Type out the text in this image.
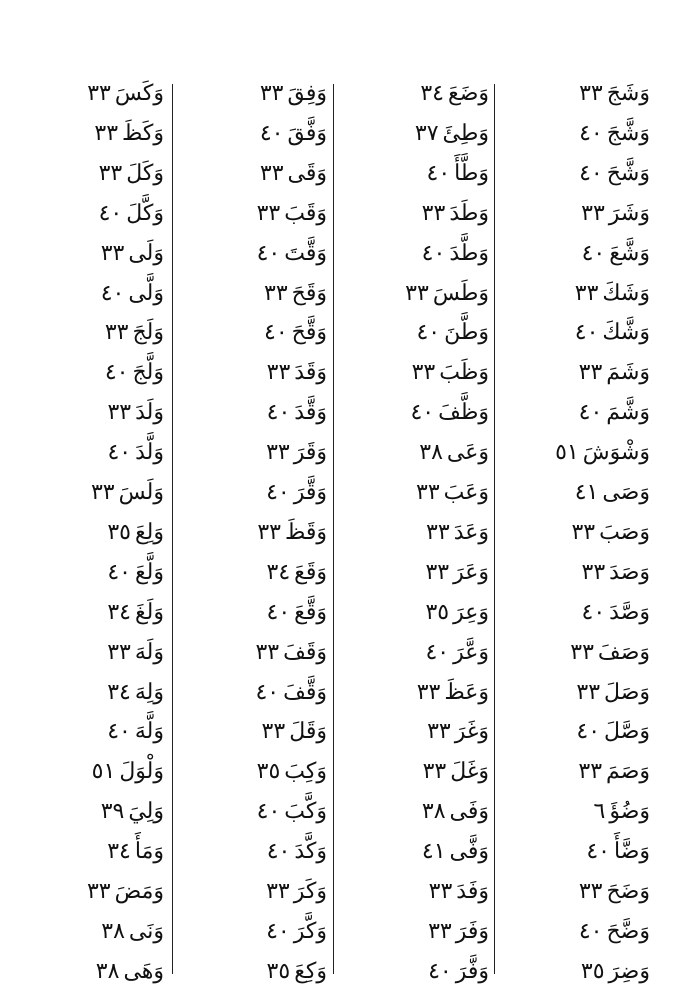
وَشَجَ٣٣
وَشَّجَ٤٠
وَشَّحَ٤٠
وَشَرَ٣٣
وَشَّعَ٤٠
وَشَكَ٣٣
وَشَّكَ٤٠
وَشَمَ٣٣
وَشَّمَ٤٠
وَشْوَشَ٥١
وَصَى٤١
وَصَبَ٣٣
وَصَدَ٣٣
وَصَّدَ٤٠
وَصَفَ٣٣
وَصَلَ٣٣
وَصَّلَ٤٠
وَصَمَ٣٣
وَضُؤَ٦
وَضَّأَ٤٠
وَضَحَ٣٣
وَضَّحَ٤٠
وَضِرَ٣٥
وَضَعَ٣٤
وَطِئَ٣٧
وَطَّأَ٤٠
وَطَدَ٣٣
وَطَّدَ٤٠
وَطَسَ٣٣
وَطَّنَ٤٠
وَظَبَ٣٣
وَظَّفَ٤٠
وَعَى٣٨
وَعَبَ٣٣
وَعَدَ٣٣
وَعَرَ٣٣
وَعِرَ٣٥
وَعَّرَ٤٠
وَعَظَ٣٣
وَغَرَ٣٣
وَغَلَ٣٣
وَفَى٣٨
وَفَّى٤١
وَفَدَ٣٣
وَفَرَ٣٣
وَفَّرَ٤٠
وَفِقَ٣٣
وَفَّقَ٤٠
وَقَى٣٣
وَقَبَ٣٣
وَقَّتَ٤٠
وَقَحَ٣٣
وَقَّحَ٤٠
وَقَدَ٣٣
وَقَّدَ٤٠
وَقَرَ٣٣
وَقَّرَ٤٠
وَقَظَ٣٣
وَقَعَ٣٤
وَقَّعَ٤٠
وَقَفَ٣٣
وَقَّفَ٤٠
وَقَلَ٣٣
وَكِبَ٣٥
وَكَّبَ٤٠
وَكَّدَ٤٠
وَكَرَ٣٣
وَكَّرَ٤٠
وَكِعَ٣٥
وَكَسَ٣٣
وَكَظَ٣٣
وَكَلَ٣٣
وَكَّلَ٤٠
وَلَى٣٣
وَلَّى٤٠
وَلَجَ٣٣
وَلَّجَ٤٠
وَلَدَ٣٣
وَلَّدَ٤٠
وَلَسَ٣٣
وَلِعَ٣٥
وَلَّعَ٤٠
وَلَغَ٣٤
وَلَهَ٣٣
وَلِهَ٣٤
وَلَّهَ٤٠
وَلْوَلَ٥١
وَلِيَ٣٩
وَمَأَ٣٤
وَمَضَ٣٣
وَنَى٣٨
وَهَى٣٨
